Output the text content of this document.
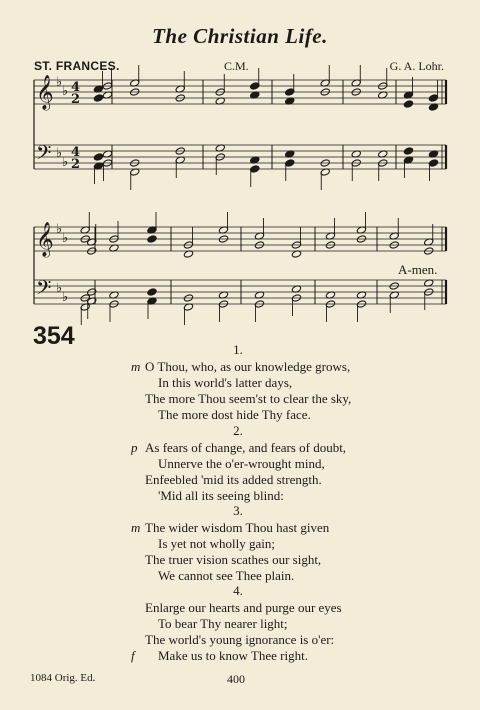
The Christian Life.
ST. FRANCES.	C.M.	G. A. Lohr.
𝄞
𝄢
♭
♭
♭
♭
4
2
4
2
𝄞
𝄢
♭
♭
♭
♭
A-men.
354	1.
m O Thou, who, as our knowledge grows,
In this world's latter days,
The more Thou seem'st to clear the sky,
The more dost hide Thy face.
2.
p As fears of change, and fears of doubt,
Unnerve the o'er-wrought mind,
Enfeebled 'mid its added strength.
'Mid all its seeing blind:
3.
m The wider wisdom Thou hast given
Is yet not wholly gain;
The truer vision scathes our sight,
We cannot see Thee plain.
4.
Enlarge our hearts and purge our eyes
To bear Thy nearer light;
The world's young ignorance is o'er:
f Make us to know Thee right.
1084 Orig. Ed.	400
